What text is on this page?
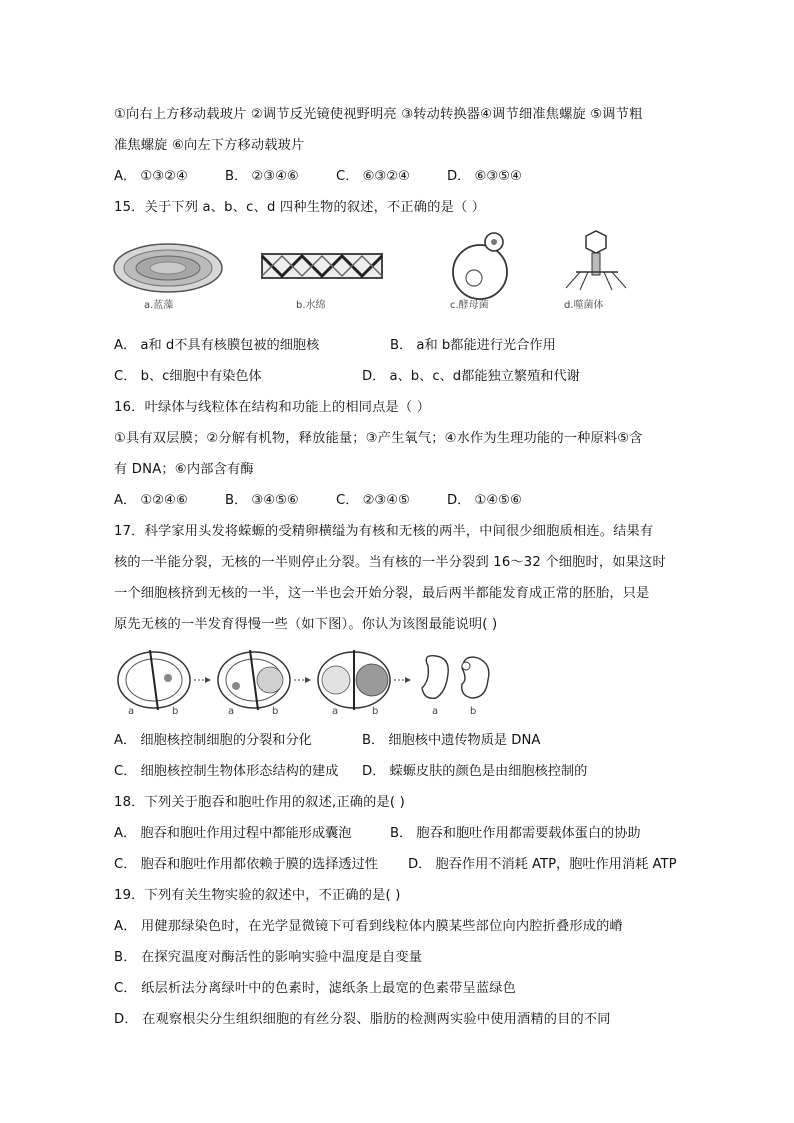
①向右上方移动载玻片 ②调节反光镜使视野明亮 ③转动转换器④调节细准焦螺旋 ⑤调节粗
准焦螺旋 ⑥向左下方移动载玻片
A． ①③②④	B． ②③④⑥	C． ⑥③②④	D． ⑥③⑤④
15．关于下列 a、b、c、d 四种生物的叙述，不正确的是（ ）
a.蓝藻	b.水绵	c.酵母菌	d.噬菌体
A． a和 d不具有核膜包被的细胞核	B． a和 b都能进行光合作用
C． b、c细胞中有染色体	D． a、b、c、d都能独立繁殖和代谢
16．叶绿体与线粒体在结构和功能上的相同点是（ ）
①具有双层膜；②分解有机物，释放能量；③产生氧气；④水作为生理功能的一种原料⑤含
有 DNA；⑥内部含有酶
A． ①②④⑥	B． ③④⑤⑥	C． ②③④⑤	D． ①④⑤⑥
17．科学家用头发将蝾螈的受精卵横缢为有核和无核的两半，中间很少细胞质相连。结果有
核的一半能分裂，无核的一半则停止分裂。当有核的一半分裂到 16～32 个细胞时，如果这时
一个细胞核挤到无核的一半，这一半也会开始分裂，最后两半都能发育成正常的胚胎，只是
原先无核的一半发育得慢一些（如下图）。你认为该图最能说明( )
a	b	a	b	a	b	a	b
A． 细胞核控制细胞的分裂和分化	B． 细胞核中遗传物质是 DNA
C． 细胞核控制生物体形态结构的建成 D． 蝾螈皮肤的颜色是由细胞核控制的
18．下列关于胞吞和胞吐作用的叙述,正确的是( )
A． 胞吞和胞吐作用过程中都能形成囊泡	B． 胞吞和胞吐作用都需要载体蛋白的协助
C． 胞吞和胞吐作用都依赖于膜的选择透过性 D． 胞吞作用不消耗 ATP，胞吐作用消耗 ATP
19．下列有关生物实验的叙述中，不正确的是( )
A． 用健那绿染色时，在光学显微镜下可看到线粒体内膜某些部位向内腔折叠形成的嵴
B． 在探究温度对酶活性的影响实验中温度是自变量
C． 纸层析法分离绿叶中的色素时，滤纸条上最宽的色素带呈蓝绿色
D． 在观察根尖分生组织细胞的有丝分裂、脂肪的检测两实验中使用酒精的目的不同
